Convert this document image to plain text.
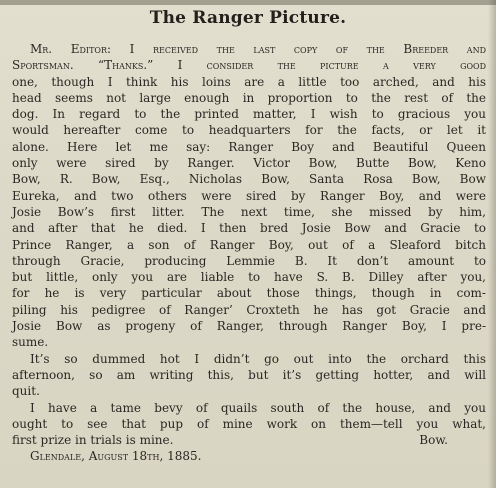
The Ranger Picture.
Mr. Editor: I received the last copy of the Breeder and
Sportsman. “Thanks.” I consider the picture a very good
one, though I think his loins are a little too arched, and his
head seems not large enough in proportion to the rest of the
dog. In regard to the printed matter, I wish to gracious you
would hereafter come to headquarters for the facts, or let it
alone. Here let me say: Ranger Boy and Beautiful Queen
only were sired by Ranger. Victor Bow, Butte Bow, Keno
Bow, R. Bow, Esq., Nicholas Bow, Santa Rosa Bow, Bow
Eureka, and two others were sired by Ranger Boy, and were
Josie Bow’s first litter. The next time, she missed by him,
and after that he died. I then bred Josie Bow and Gracie to
Prince Ranger, a son of Ranger Boy, out of a Sleaford bitch
through Gracie, producing Lemmie B. It don’t amount to
but little, only you are liable to have S. B. Dilley after you,
for he is very particular about those things, though in com-
piling his pedigree of Ranger’ Croxteth he has got Gracie and
Josie Bow as progeny of Ranger, through Ranger Boy, I pre-
sume.
It’s so dummed hot I didn’t go out into the orchard this
afternoon, so am writing this, but it’s getting hotter, and will
quit.
I have a tame bevy of quails south of the house, and you
ought to see that pup of mine work on them—tell you what,
first prize in trials is mine.	Bow.
Glendale, August 18th, 1885.
